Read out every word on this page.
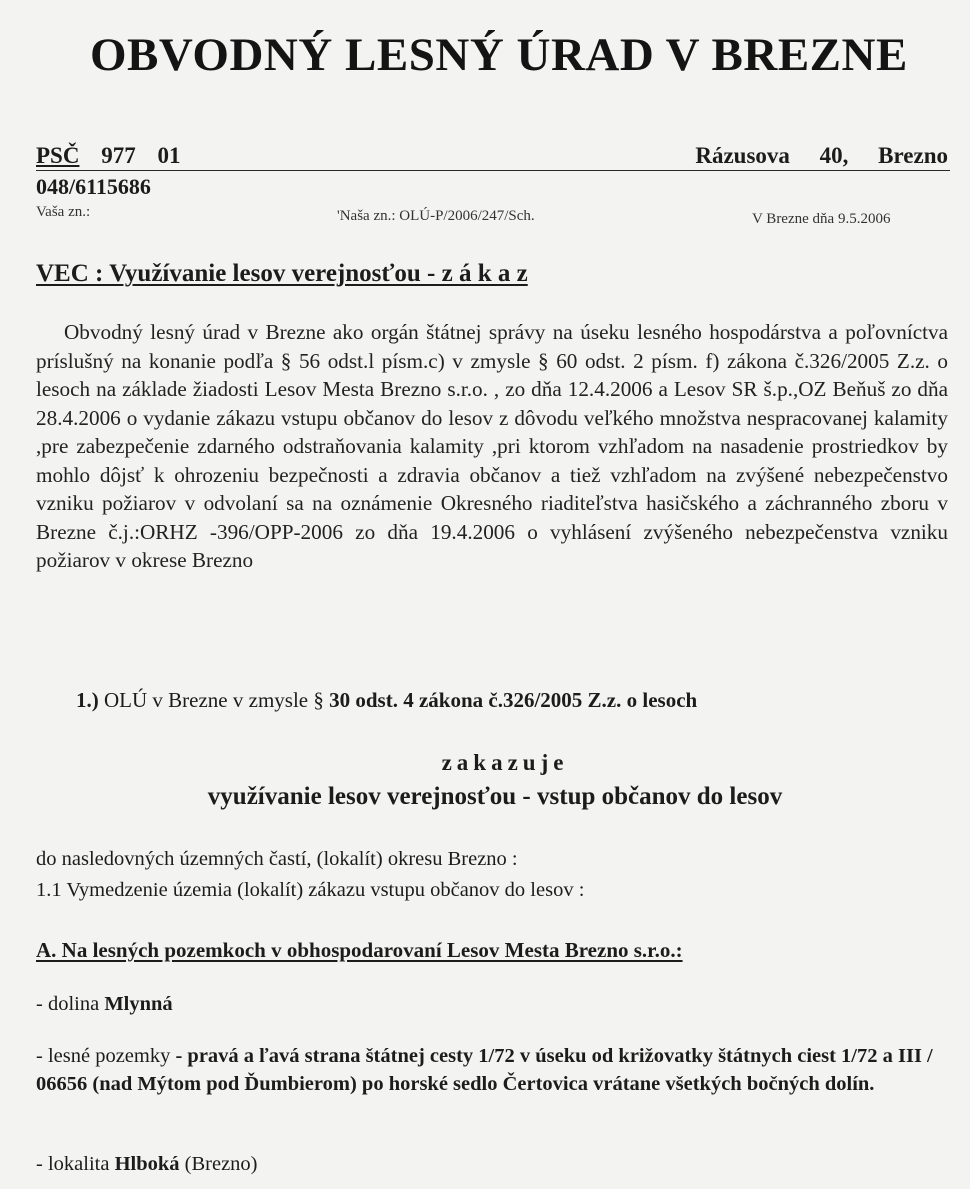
OBVODNÝ LESNÝ ÚRAD V BREZNE
PSČ 977 01	Rázusova 40, Brezno
048/6115686
Vaša zn.:	'Naša zn.: OLÚ-P/2006/247/Sch.	V Brezne dňa 9.5.2006
VEC : Využívanie lesov verejnosťou - z á k a z
Obvodný lesný úrad v Brezne ako orgán štátnej správy na úseku lesného hospodárstva a poľovníctva príslušný na konanie podľa § 56 odst.l písm.c) v zmysle § 60 odst. 2 písm. f) zákona č.326/2005 Z.z. o lesoch na základe žiadosti Lesov Mesta Brezno s.r.o. , zo dňa 12.4.2006 a Lesov SR š.p.,OZ Beňuš zo dňa 28.4.2006 o vydanie zákazu vstupu občanov do lesov z dôvodu veľkého množstva nespracovanej kalamity ,pre zabezpečenie zdarného odstraňovania kalamity ,pri ktorom vzhľadom na nasadenie prostriedkov by mohlo dôjsť k ohrozeniu bezpečnosti a zdravia občanov a tiež vzhľadom na zvýšené nebezpečenstvo vzniku požiarov v odvolaní sa na oznámenie Okresného riaditeľstva hasičského a záchranného zboru v Brezne č.j.:ORHZ -396/OPP-2006 zo dňa 19.4.2006 o vyhlásení zvýšeného nebezpečenstva vzniku požiarov v okrese Brezno
1.) OLÚ v Brezne v zmysle § 30 odst. 4 zákona č.326/2005 Z.z. o lesoch
zakazuje
využívanie lesov verejnosťou - vstup občanov do lesov
do nasledovných územných častí, (lokalít) okresu Brezno :
1.1 Vymedzenie územia (lokalít) zákazu vstupu občanov do lesov :
A. Na lesných pozemkoch v obhospodarovaní Lesov Mesta Brezno s.r.o.:
- dolina Mlynná
- lesné pozemky - pravá a ľavá strana štátnej cesty 1/72 v úseku od križovatky štátnych ciest 1/72 a III / 06656 (nad Mýtom pod Ďumbierom) po horské sedlo Čertovica vrátane všetkých bočných dolín.
- lokalita Hlboká (Brezno)
